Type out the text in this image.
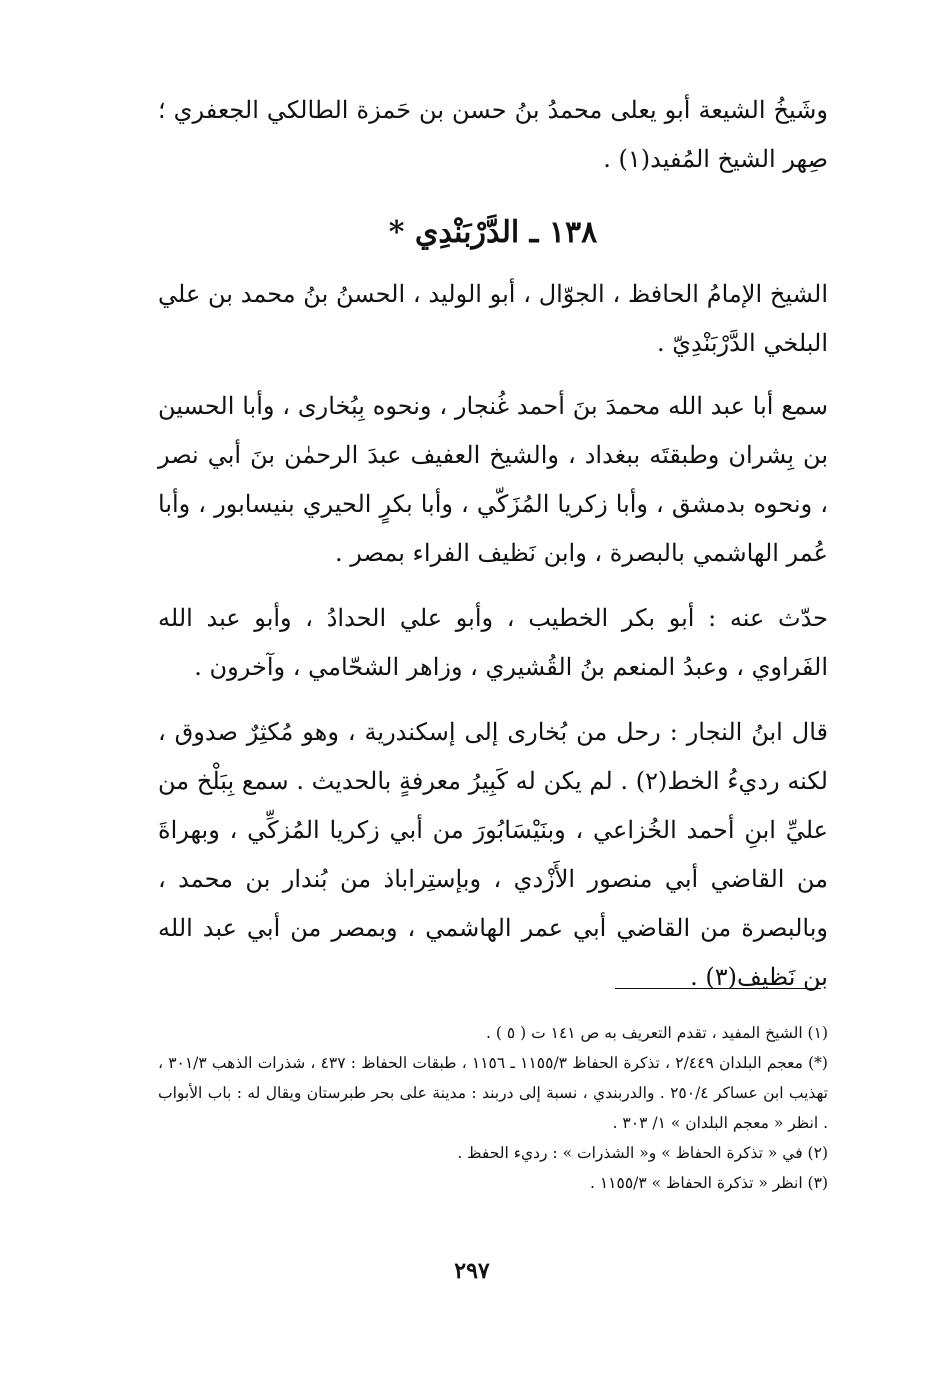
وشَيخُ الشيعة أبو يعلى محمدُ بنُ حسن بن حَمزة الطالكي الجعفري ؛ صِهر الشيخ المُفيد(١) .

١٣٨ ـ الدَّرْبَنْدِي *

الشيخ الإمامُ الحافظ ، الجوّال ، أبو الوليد ، الحسنُ بنُ محمد بن علي البلخي الدَّرْبَنْدِيّ .

سمع أبا عبد الله محمدَ بنَ أحمد غُنجار ، ونحوه بِبُخارى ، وأبا الحسين بن بِشران وطبقتَه ببغداد ، والشيخ العفيف عبدَ الرحمٰن بنَ أبي نصر ، ونحوه بدمشق ، وأبا زكريا المُزَكّي ، وأبا بكرٍ الحيري بنيسابور ، وأبا عُمر الهاشمي بالبصرة ، وابن نَظيف الفراء بمصر .

حدّث عنه : أبو بكر الخطيب ، وأبو علي الحدادُ ، وأبو عبد الله الفَراوي ، وعبدُ المنعم بنُ القُشيري ، وزاهر الشحّامي ، وآخرون .

قال ابنُ النجار : رحل من بُخارى إلى إسكندرية ، وهو مُكثِرٌ صدوق ، لكنه رديءُ الخط(٢) . لم يكن له كَبِيرُ معرفةٍ بالحديث . سمع بِبَلْخ من عليِّ ابنِ أحمد الخُزاعي ، وبنَيْسَابُورَ من أبي زكريا المُزكِّي ، وبهراةَ من القاضي أبي منصور الأَزْدي ، وبإستِراباذ من بُندار بن محمد ، وبالبصرة من القاضي أبي عمر الهاشمي ، وبمصر من أبي عبد الله بن نَظيف(٣) .

(١) الشيخ المفيد ، تقدم التعريف به ص ١٤١ ت ( ٥ ) .

(*) معجم البلدان ٢/٤٤٩ ، تذكرة الحفاظ ١١٥٥/٣ ـ ١١٥٦ ، طبقات الحفاظ : ٤٣٧ ، شذرات الذهب ٣٠١/٣ ، تهذيب ابن عساكر ٢٥٠/٤ . والدربندي ، نسبة إلى دربند : مدينة على بحر طبرستان ويقال له : باب الأبواب . انظر « معجم البلدان » ١/ ٣٠٣ .

(٢) في « تذكرة الحفاظ » و« الشذرات » : رديء الحفظ .

(٣) انظر « تذكرة الحفاظ » ١١٥٥/٣ .

٢٩٧
